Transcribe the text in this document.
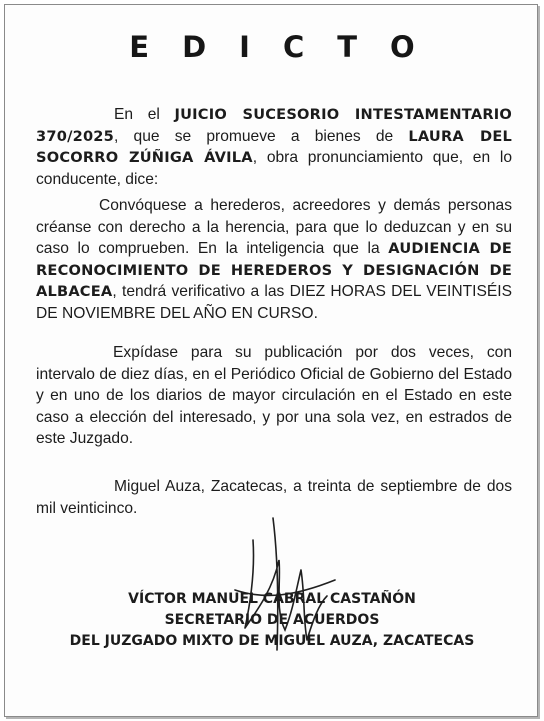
EDICTO
En el JUICIO SUCESORIO INTESTAMENTARIO 370/2025, que se promueve a bienes de LAURA DEL SOCORRO ZÚÑIGA ÁVILA, obra pronunciamiento que, en lo conducente, dice:
Convóquese a herederos, acreedores y demás personas créanse con derecho a la herencia, para que lo deduzcan y en su caso lo comprueben. En la inteligencia que la AUDIENCIA DE RECONOCIMIENTO DE HEREDEROS Y DESIGNACIÓN DE ALBACEA, tendrá verificativo a las DIEZ HORAS DEL VEINTISÉIS DE NOVIEMBRE DEL AÑO EN CURSO.
Expídase para su publicación por dos veces, con intervalo de diez días, en el Periódico Oficial de Gobierno del Estado y en uno de los diarios de mayor circulación en el Estado en este caso a elección del interesado, y por una sola vez, en estrados de este Juzgado.
Miguel Auza, Zacatecas, a treinta de septiembre de dos mil veinticinco.
VÍCTOR MANUEL CABRAL CASTAÑÓN
SECRETARIO DE ACUERDOS
DEL JUZGADO MIXTO DE MIGUEL AUZA, ZACATECAS
